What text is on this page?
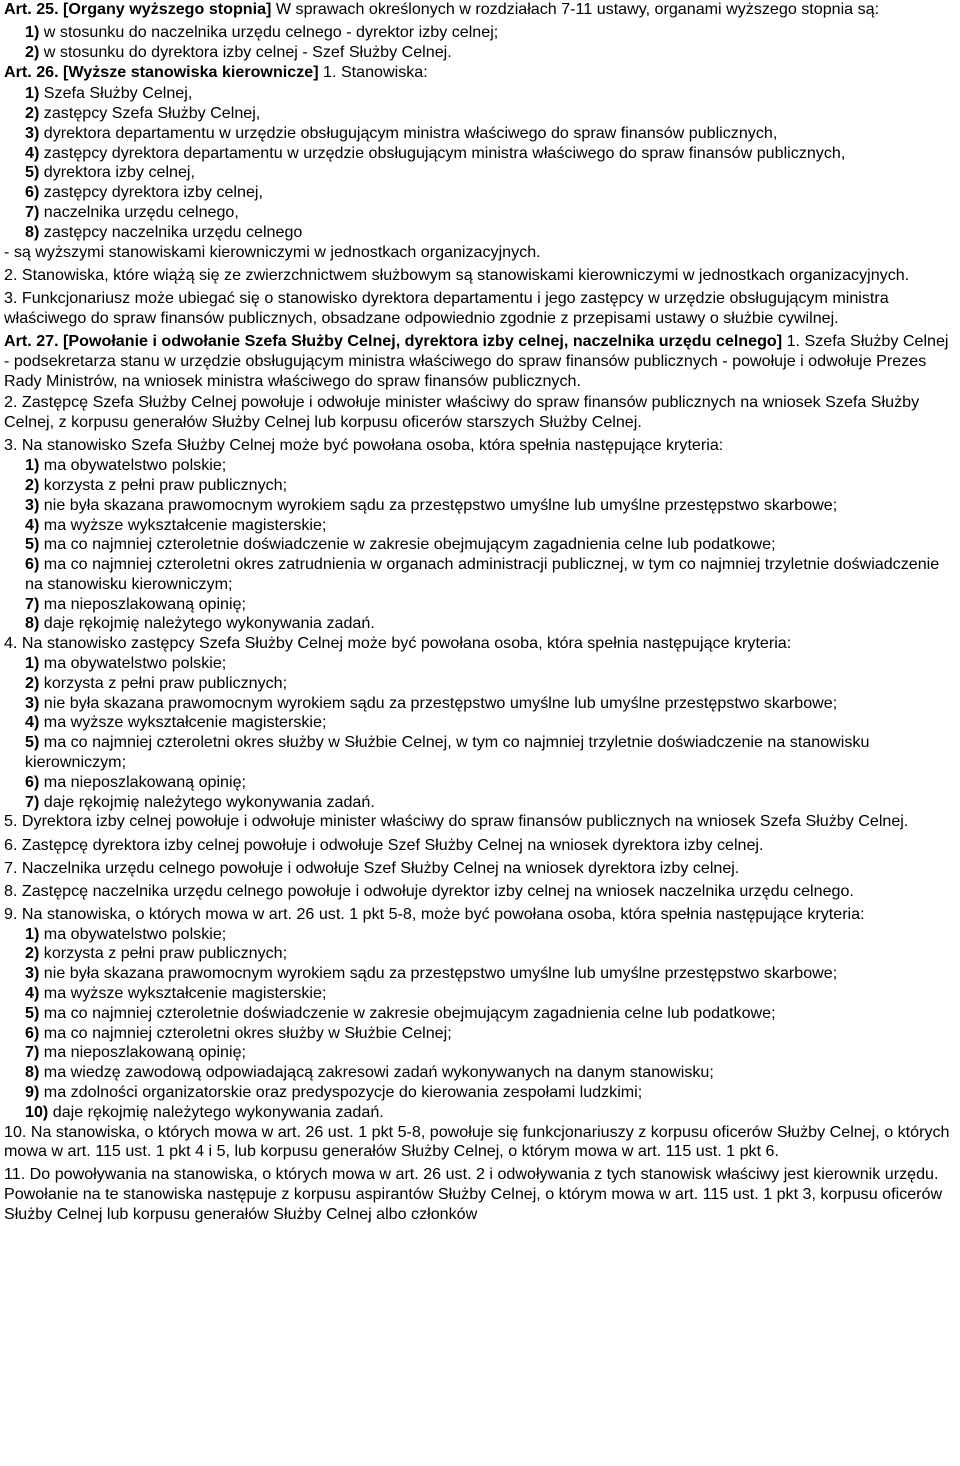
Art. 25. [Organy wyższego stopnia] W sprawach określonych w rozdziałach 7-11 ustawy, organami wyższego stopnia są:
1) w stosunku do naczelnika urzędu celnego - dyrektor izby celnej;
2) w stosunku do dyrektora izby celnej - Szef Służby Celnej.
Art. 26. [Wyższe stanowiska kierownicze] 1. Stanowiska:
1) Szefa Służby Celnej,
2) zastępcy Szefa Służby Celnej,
3) dyrektora departamentu w urzędzie obsługującym ministra właściwego do spraw finansów publicznych,
4) zastępcy dyrektora departamentu w urzędzie obsługującym ministra właściwego do spraw finansów publicznych,
5) dyrektora izby celnej,
6) zastępcy dyrektora izby celnej,
7) naczelnika urzędu celnego,
8) zastępcy naczelnika urzędu celnego
- są wyższymi stanowiskami kierowniczymi w jednostkach organizacyjnych.
2. Stanowiska, które wiążą się ze zwierzchnictwem służbowym są stanowiskami kierowniczymi w jednostkach organizacyjnych.
3. Funkcjonariusz może ubiegać się o stanowisko dyrektora departamentu i jego zastępcy w urzędzie obsługującym ministra właściwego do spraw finansów publicznych, obsadzane odpowiednio zgodnie z przepisami ustawy o służbie cywilnej.
Art. 27. [Powołanie i odwołanie Szefa Służby Celnej, dyrektora izby celnej, naczelnika urzędu celnego] 1. Szefa Służby Celnej - podsekretarza stanu w urzędzie obsługującym ministra właściwego do spraw finansów publicznych - powołuje i odwołuje Prezes Rady Ministrów, na wniosek ministra właściwego do spraw finansów publicznych.
2. Zastępcę Szefa Służby Celnej powołuje i odwołuje minister właściwy do spraw finansów publicznych na wniosek Szefa Służby Celnej, z korpusu generałów Służby Celnej lub korpusu oficerów starszych Służby Celnej.
3. Na stanowisko Szefa Służby Celnej może być powołana osoba, która spełnia następujące kryteria:
1) ma obywatelstwo polskie;
2) korzysta z pełni praw publicznych;
3) nie była skazana prawomocnym wyrokiem sądu za przestępstwo umyślne lub umyślne przestępstwo skarbowe;
4) ma wyższe wykształcenie magisterskie;
5) ma co najmniej czteroletnie doświadczenie w zakresie obejmującym zagadnienia celne lub podatkowe;
6) ma co najmniej czteroletni okres zatrudnienia w organach administracji publicznej, w tym co najmniej trzyletnie doświadczenie na stanowisku kierowniczym;
7) ma nieposzlakowaną opinię;
8) daje rękojmię należytego wykonywania zadań.
4. Na stanowisko zastępcy Szefa Służby Celnej może być powołana osoba, która spełnia następujące kryteria:
1) ma obywatelstwo polskie;
2) korzysta z pełni praw publicznych;
3) nie była skazana prawomocnym wyrokiem sądu za przestępstwo umyślne lub umyślne przestępstwo skarbowe;
4) ma wyższe wykształcenie magisterskie;
5) ma co najmniej czteroletni okres służby w Służbie Celnej, w tym co najmniej trzyletnie doświadczenie na stanowisku kierowniczym;
6) ma nieposzlakowaną opinię;
7) daje rękojmię należytego wykonywania zadań.
5. Dyrektora izby celnej powołuje i odwołuje minister właściwy do spraw finansów publicznych na wniosek Szefa Służby Celnej.
6. Zastępcę dyrektora izby celnej powołuje i odwołuje Szef Służby Celnej na wniosek dyrektora izby celnej.
7. Naczelnika urzędu celnego powołuje i odwołuje Szef Służby Celnej na wniosek dyrektora izby celnej.
8. Zastępcę naczelnika urzędu celnego powołuje i odwołuje dyrektor izby celnej na wniosek naczelnika urzędu celnego.
9. Na stanowiska, o których mowa w art. 26 ust. 1 pkt 5-8, może być powołana osoba, która spełnia następujące kryteria:
1) ma obywatelstwo polskie;
2) korzysta z pełni praw publicznych;
3) nie była skazana prawomocnym wyrokiem sądu za przestępstwo umyślne lub umyślne przestępstwo skarbowe;
4) ma wyższe wykształcenie magisterskie;
5) ma co najmniej czteroletnie doświadczenie w zakresie obejmującym zagadnienia celne lub podatkowe;
6) ma co najmniej czteroletni okres służby w Służbie Celnej;
7) ma nieposzlakowaną opinię;
8) ma wiedzę zawodową odpowiadającą zakresowi zadań wykonywanych na danym stanowisku;
9) ma zdolności organizatorskie oraz predyspozycje do kierowania zespołami ludzkimi;
10) daje rękojmię należytego wykonywania zadań.
10. Na stanowiska, o których mowa w art. 26 ust. 1 pkt 5-8, powołuje się funkcjonariuszy z korpusu oficerów Służby Celnej, o których mowa w art. 115 ust. 1 pkt 4 i 5, lub korpusu generałów Służby Celnej, o którym mowa w art. 115 ust. 1 pkt 6.
11. Do powoływania na stanowiska, o których mowa w art. 26 ust. 2 i odwoływania z tych stanowisk właściwy jest kierownik urzędu. Powołanie na te stanowiska następuje z korpusu aspirantów Służby Celnej, o którym mowa w art. 115 ust. 1 pkt 3, korpusu oficerów Służby Celnej lub korpusu generałów Służby Celnej albo członków
